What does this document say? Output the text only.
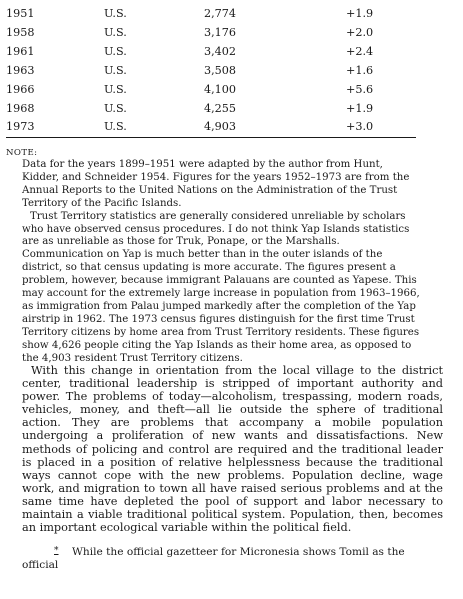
1951	U.S.	2,774	+1.9
1958	U.S.	3,176	+2.0
1961	U.S.	3,402	+2.4
1963	U.S.	3,508	+1.6
1966	U.S.	4,100	+5.6
1968	U.S.	4,255	+1.9
1973	U.S.	4,903	+3.0
NOTE:

Data for the years 1899–1951 were adapted by the author from Hunt, Kidder, and Schneider 1954. Figures for the years 1952–1973 are from the Annual Reports to the United Nations on the Administration of the Trust Territory of the Pacific Islands.

Trust Territory statistics are generally considered unreliable by scholars who have observed census procedures. I do not think Yap Islands statistics are as unreliable as those for Truk, Ponape, or the Marshalls. Communication on Yap is much better than in the outer islands of the district, so that census updating is more accurate. The figures present a problem, however, because immigrant Palauans are counted as Yapese. This may account for the extremely large increase in population from 1963–1966, as immigration from Palau jumped markedly after the completion of the Yap airstrip in 1962. The 1973 census figures distinguish for the first time Trust Territory citizens by home area from Trust Territory residents. These figures show 4,626 people citing the Yap Islands as their home area, as opposed to the 4,903 resident Trust Territory citizens.

With this change in orientation from the local village to the district center, traditional leadership is stripped of important authority and power. The problems of today—alcoholism, trespassing, modern roads, vehicles, money, and theft—all lie outside the sphere of traditional action. They are problems that accompany a mobile population undergoing a proliferation of new wants and dissatisfactions. New methods of policing and control are required and the traditional leader is placed in a position of relative helplessness because the traditional ways cannot cope with the new problems. Population decline, wage work, and migration to town all have raised serious problems and at the same time have depleted the pool of support and labor necessary to maintain a viable traditional political system. Population, then, becomes an important ecological variable within the political field.

* While the official gazetteer for Micronesia shows Tomil as the official
